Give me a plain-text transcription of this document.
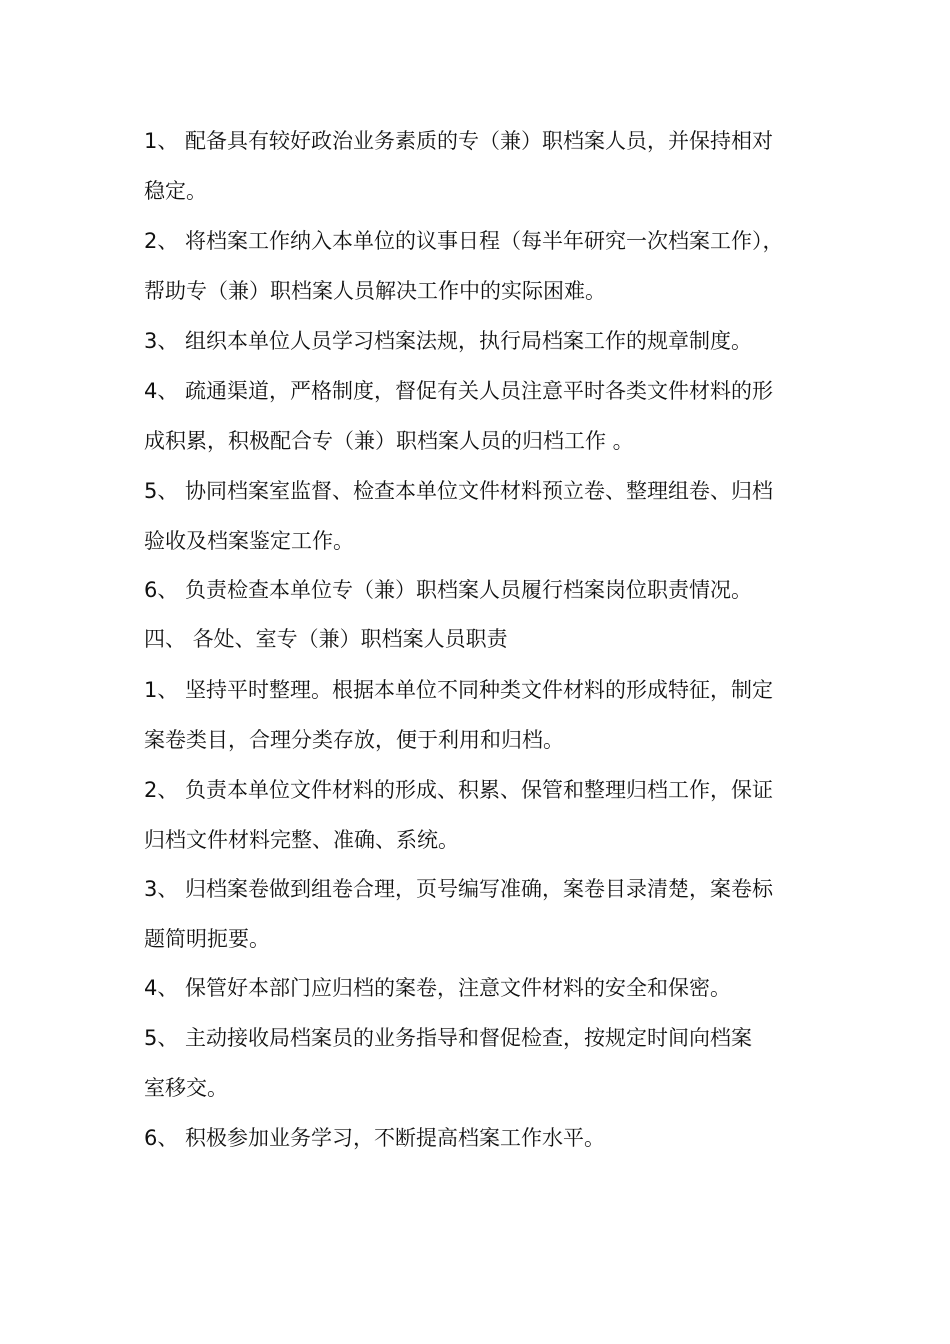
1、 配备具有较好政治业务素质的专（兼）职档案人员，并保持相对
稳定。
2、 将档案工作纳入本单位的议事日程（每半年研究一次档案工作），
帮助专（兼）职档案人员解决工作中的实际困难。
3、 组织本单位人员学习档案法规，执行局档案工作的规章制度。
4、 疏通渠道，严格制度，督促有关人员注意平时各类文件材料的形
成积累，积极配合专（兼）职档案人员的归档工作 。
5、 协同档案室监督、检查本单位文件材料预立卷、整理组卷、归档
验收及档案鉴定工作。
6、 负责检查本单位专（兼）职档案人员履行档案岗位职责情况。
四、 各处、室专（兼）职档案人员职责
1、 坚持平时整理。根据本单位不同种类文件材料的形成特征，制定
案卷类目，合理分类存放，便于利用和归档。
2、 负责本单位文件材料的形成、积累、保管和整理归档工作，保证
归档文件材料完整、准确、系统。
3、 归档案卷做到组卷合理，页号编写准确，案卷目录清楚，案卷标
题简明扼要。
4、 保管好本部门应归档的案卷，注意文件材料的安全和保密。
5、 主动接收局档案员的业务指导和督促检查，按规定时间向档案
室移交。
6、 积极参加业务学习，不断提高档案工作水平。
